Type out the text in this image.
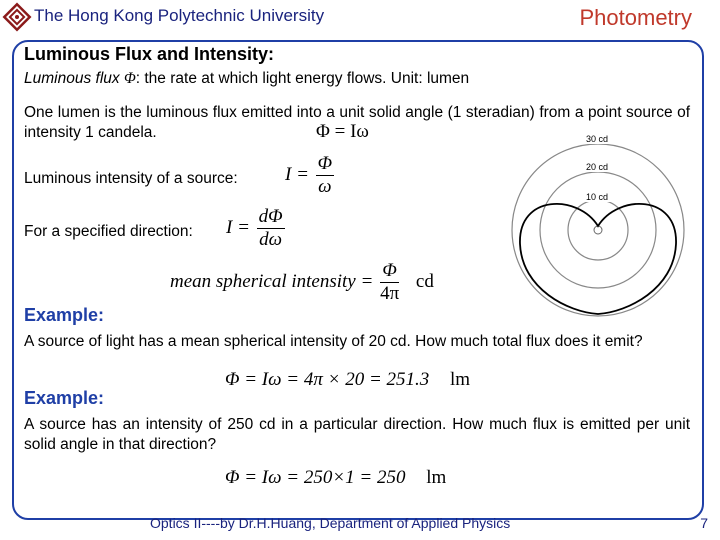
The Hong Kong Polytechnic University	Photometry
Luminous Flux and Intensity:
Luminous flux Φ: the rate at which light energy flows. Unit: lumen
One lumen is the luminous flux emitted into a unit solid angle (1 steradian) from a point source of intensity 1 candela.	Φ = Iω
Luminous intensity of a source: $I = \frac{\Phi}{\omega}$
For a specified direction: $I = \frac{d\Phi}{d\omega}$
mean spherical intensity = $\frac{\Phi}{4\pi}$ cd
30 cd
20 cd
10 cd
Example:
A source of light has a mean spherical intensity of 20 cd. How much total flux does it emit?
Φ = Iω = 4π × 20 = 251.3 lm
Example:
A source has an intensity of 250 cd in a particular direction. How much flux is emitted per unit solid angle in that direction?
Φ = Iω = 250×1 = 250 lm
Optics II----by Dr.H.Huang, Department of Applied Physics	7
